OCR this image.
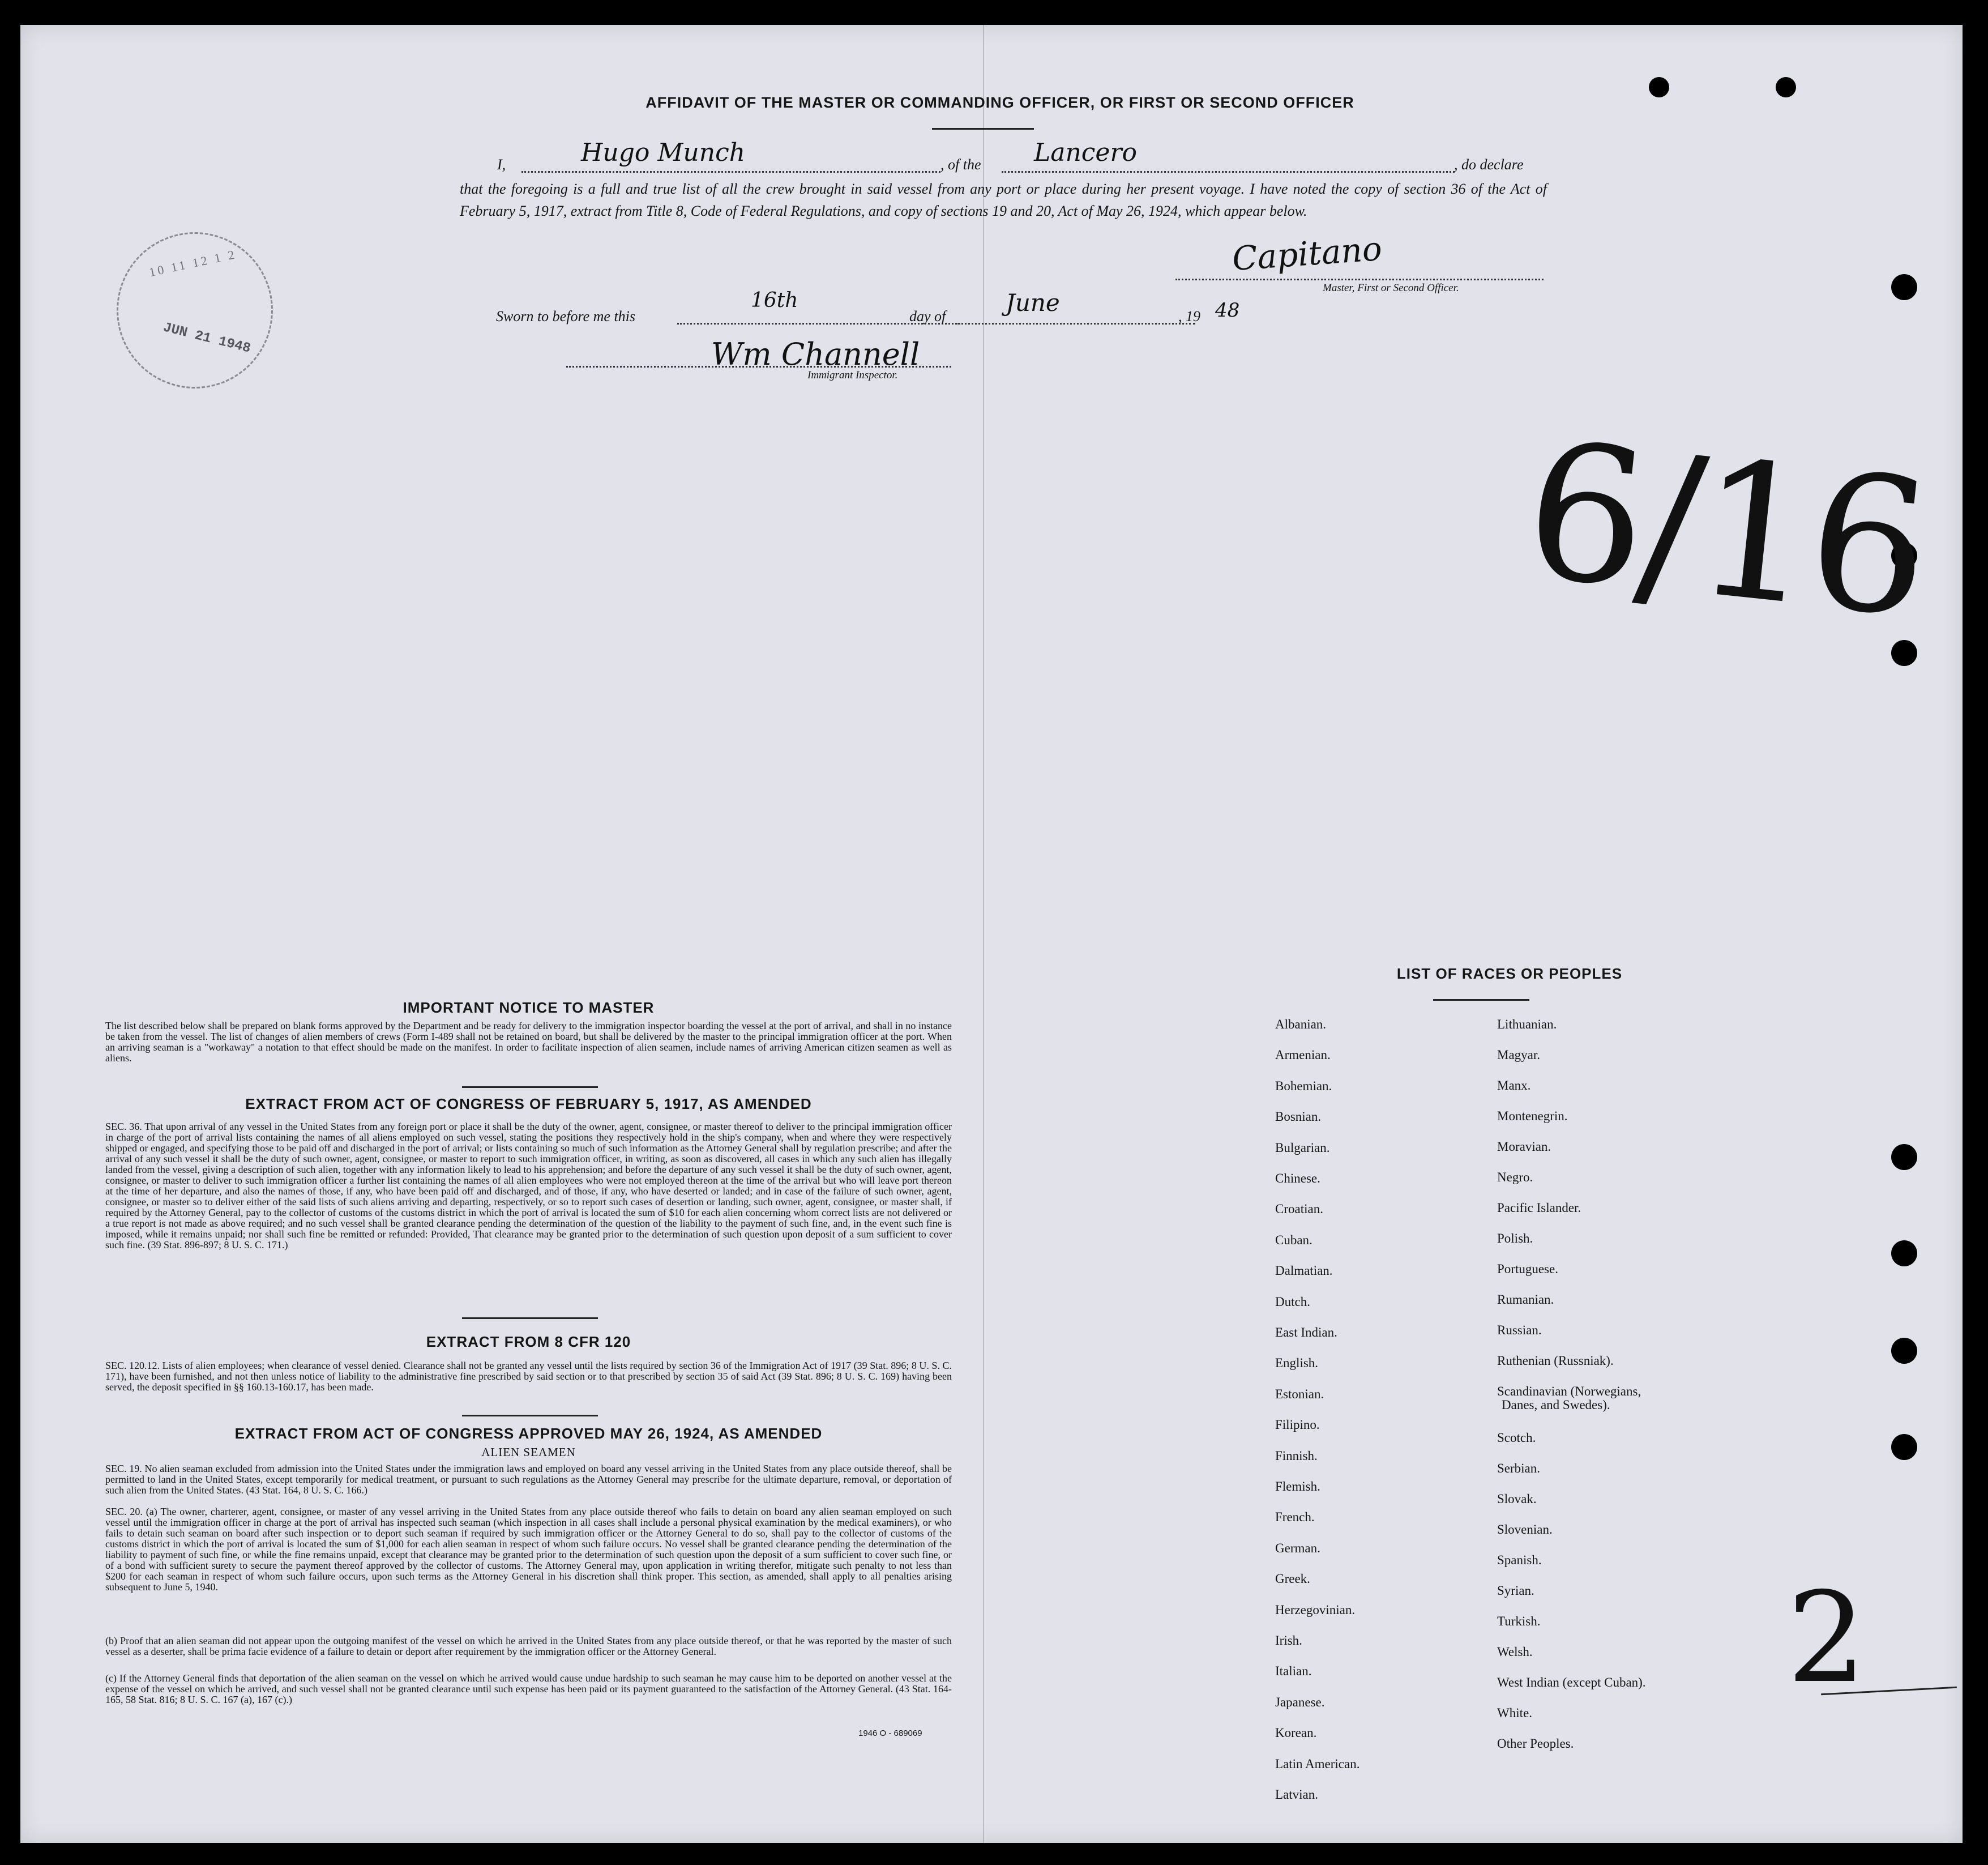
AFFIDAVIT OF THE MASTER OR COMMANDING OFFICER, OR FIRST OR SECOND OFFICER
I,	Hugo Munch	, of the Lancero	, do declare
that the foregoing is a full and true list of all the crew brought in said vessel from any port or place during her present voyage. I have noted the copy of section 36 of the Act of February 5, 1917, extract from Title 8, Code of Federal Regulations, and copy of sections 19 and 20, Act of May 26, 1924, which appear below.
Capitano
Master, First or Second Officer.
Sworn to before me this
16th
day of	June	, 19 48
Wm Channell
Immigrant Inspector.
10 11 12 1 2
JUN 21 1948
6/16
2
IMPORTANT NOTICE TO MASTER
The list described below shall be prepared on blank forms approved by the Department and be ready for delivery to the immigration inspector boarding the vessel at the port of arrival, and shall in no instance be taken from the vessel. The list of changes of alien members of crews (Form I-489 shall not be retained on board, but shall be delivered by the master to the principal immigration officer at the port. When an arriving seaman is a "workaway" a notation to that effect should be made on the manifest. In order to facilitate inspection of alien seamen, include names of arriving American citizen seamen as well as aliens.
EXTRACT FROM ACT OF CONGRESS OF FEBRUARY 5, 1917, AS AMENDED
SEC. 36. That upon arrival of any vessel in the United States from any foreign port or place it shall be the duty of the owner, agent, consignee, or master thereof to deliver to the principal immigration officer in charge of the port of arrival lists containing the names of all aliens employed on such vessel, stating the positions they respectively hold in the ship's company, when and where they were respectively shipped or engaged, and specifying those to be paid off and discharged in the port of arrival; or lists containing so much of such information as the Attorney General shall by regulation prescribe; and after the arrival of any such vessel it shall be the duty of such owner, agent, consignee, or master to report to such immigration officer, in writing, as soon as discovered, all cases in which any such alien has illegally landed from the vessel, giving a description of such alien, together with any information likely to lead to his apprehension; and before the departure of any such vessel it shall be the duty of such owner, agent, consignee, or master to deliver to such immigration officer a further list containing the names of all alien employees who were not employed thereon at the time of the arrival but who will leave port thereon at the time of her departure, and also the names of those, if any, who have been paid off and discharged, and of those, if any, who have deserted or landed; and in case of the failure of such owner, agent, consignee, or master so to deliver either of the said lists of such aliens arriving and departing, respectively, or so to report such cases of desertion or landing, such owner, agent, consignee, or master shall, if required by the Attorney General, pay to the collector of customs of the customs district in which the port of arrival is located the sum of $10 for each alien concerning whom correct lists are not delivered or a true report is not made as above required; and no such vessel shall be granted clearance pending the determination of the question of the liability to the payment of such fine, and, in the event such fine is imposed, while it remains unpaid; nor shall such fine be remitted or refunded: Provided, That clearance may be granted prior to the determination of such question upon deposit of a sum sufficient to cover such fine. (39 Stat. 896-897; 8 U. S. C. 171.)
EXTRACT FROM 8 CFR 120
SEC. 120.12. Lists of alien employees; when clearance of vessel denied. Clearance shall not be granted any vessel until the lists required by section 36 of the Immigration Act of 1917 (39 Stat. 896; 8 U. S. C. 171), have been furnished, and not then unless notice of liability to the administrative fine prescribed by said section or to that prescribed by section 35 of said Act (39 Stat. 896; 8 U. S. C. 169) having been served, the deposit specified in §§ 160.13-160.17, has been made.
EXTRACT FROM ACT OF CONGRESS APPROVED MAY 26, 1924, AS AMENDED
ALIEN SEAMEN
SEC. 19. No alien seaman excluded from admission into the United States under the immigration laws and employed on board any vessel arriving in the United States from any place outside thereof, shall be permitted to land in the United States, except temporarily for medical treatment, or pursuant to such regulations as the Attorney General may prescribe for the ultimate departure, removal, or deportation of such alien from the United States. (43 Stat. 164, 8 U. S. C. 166.)
SEC. 20. (a) The owner, charterer, agent, consignee, or master of any vessel arriving in the United States from any place outside thereof who fails to detain on board any alien seaman employed on such vessel until the immigration officer in charge at the port of arrival has inspected such seaman (which inspection in all cases shall include a personal physical examination by the medical examiners), or who fails to detain such seaman on board after such inspection or to deport such seaman if required by such immigration officer or the Attorney General to do so, shall pay to the collector of customs of the customs district in which the port of arrival is located the sum of $1,000 for each alien seaman in respect of whom such failure occurs. No vessel shall be granted clearance pending the determination of the liability to payment of such fine, or while the fine remains unpaid, except that clearance may be granted prior to the determination of such question upon the deposit of a sum sufficient to cover such fine, or of a bond with sufficient surety to secure the payment thereof approved by the collector of customs. The Attorney General may, upon application in writing therefor, mitigate such penalty to not less than $200 for each seaman in respect of whom such failure occurs, upon such terms as the Attorney General in his discretion shall think proper. This section, as amended, shall apply to all penalties arising subsequent to June 5, 1940.
(b) Proof that an alien seaman did not appear upon the outgoing manifest of the vessel on which he arrived in the United States from any place outside thereof, or that he was reported by the master of such vessel as a deserter, shall be prima facie evidence of a failure to detain or deport after requirement by the immigration officer or the Attorney General.
(c) If the Attorney General finds that deportation of the alien seaman on the vessel on which he arrived would cause undue hardship to such seaman he may cause him to be deported on another vessel at the expense of the vessel on which he arrived, and such vessel shall not be granted clearance until such expense has been paid or its payment guaranteed to the satisfaction of the Attorney General. (43 Stat. 164-165, 58 Stat. 816; 8 U. S. C. 167 (a), 167 (c).)
1946 O - 689069
LIST OF RACES OR PEOPLES
Albanian.
Armenian.
Bohemian.
Bosnian.
Bulgarian.
Chinese.
Croatian.
Cuban.
Dalmatian.
Dutch.
East Indian.
English.
Estonian.
Filipino.
Finnish.
Flemish.
French.
German.
Greek.
Herzegovinian.
Irish.
Italian.
Japanese.
Korean.
Latin American.
Latvian.
Lithuanian.
Magyar.
Manx.
Montenegrin.
Moravian.
Negro.
Pacific Islander.
Polish.
Portuguese.
Rumanian.
Russian.
Ruthenian (Russniak).
Scandinavian (Norwegians,
Danes, and Swedes).
Scotch.
Serbian.
Slovak.
Slovenian.
Spanish.
Syrian.
Turkish.
Welsh.
West Indian (except Cuban).
White.
Other Peoples.
